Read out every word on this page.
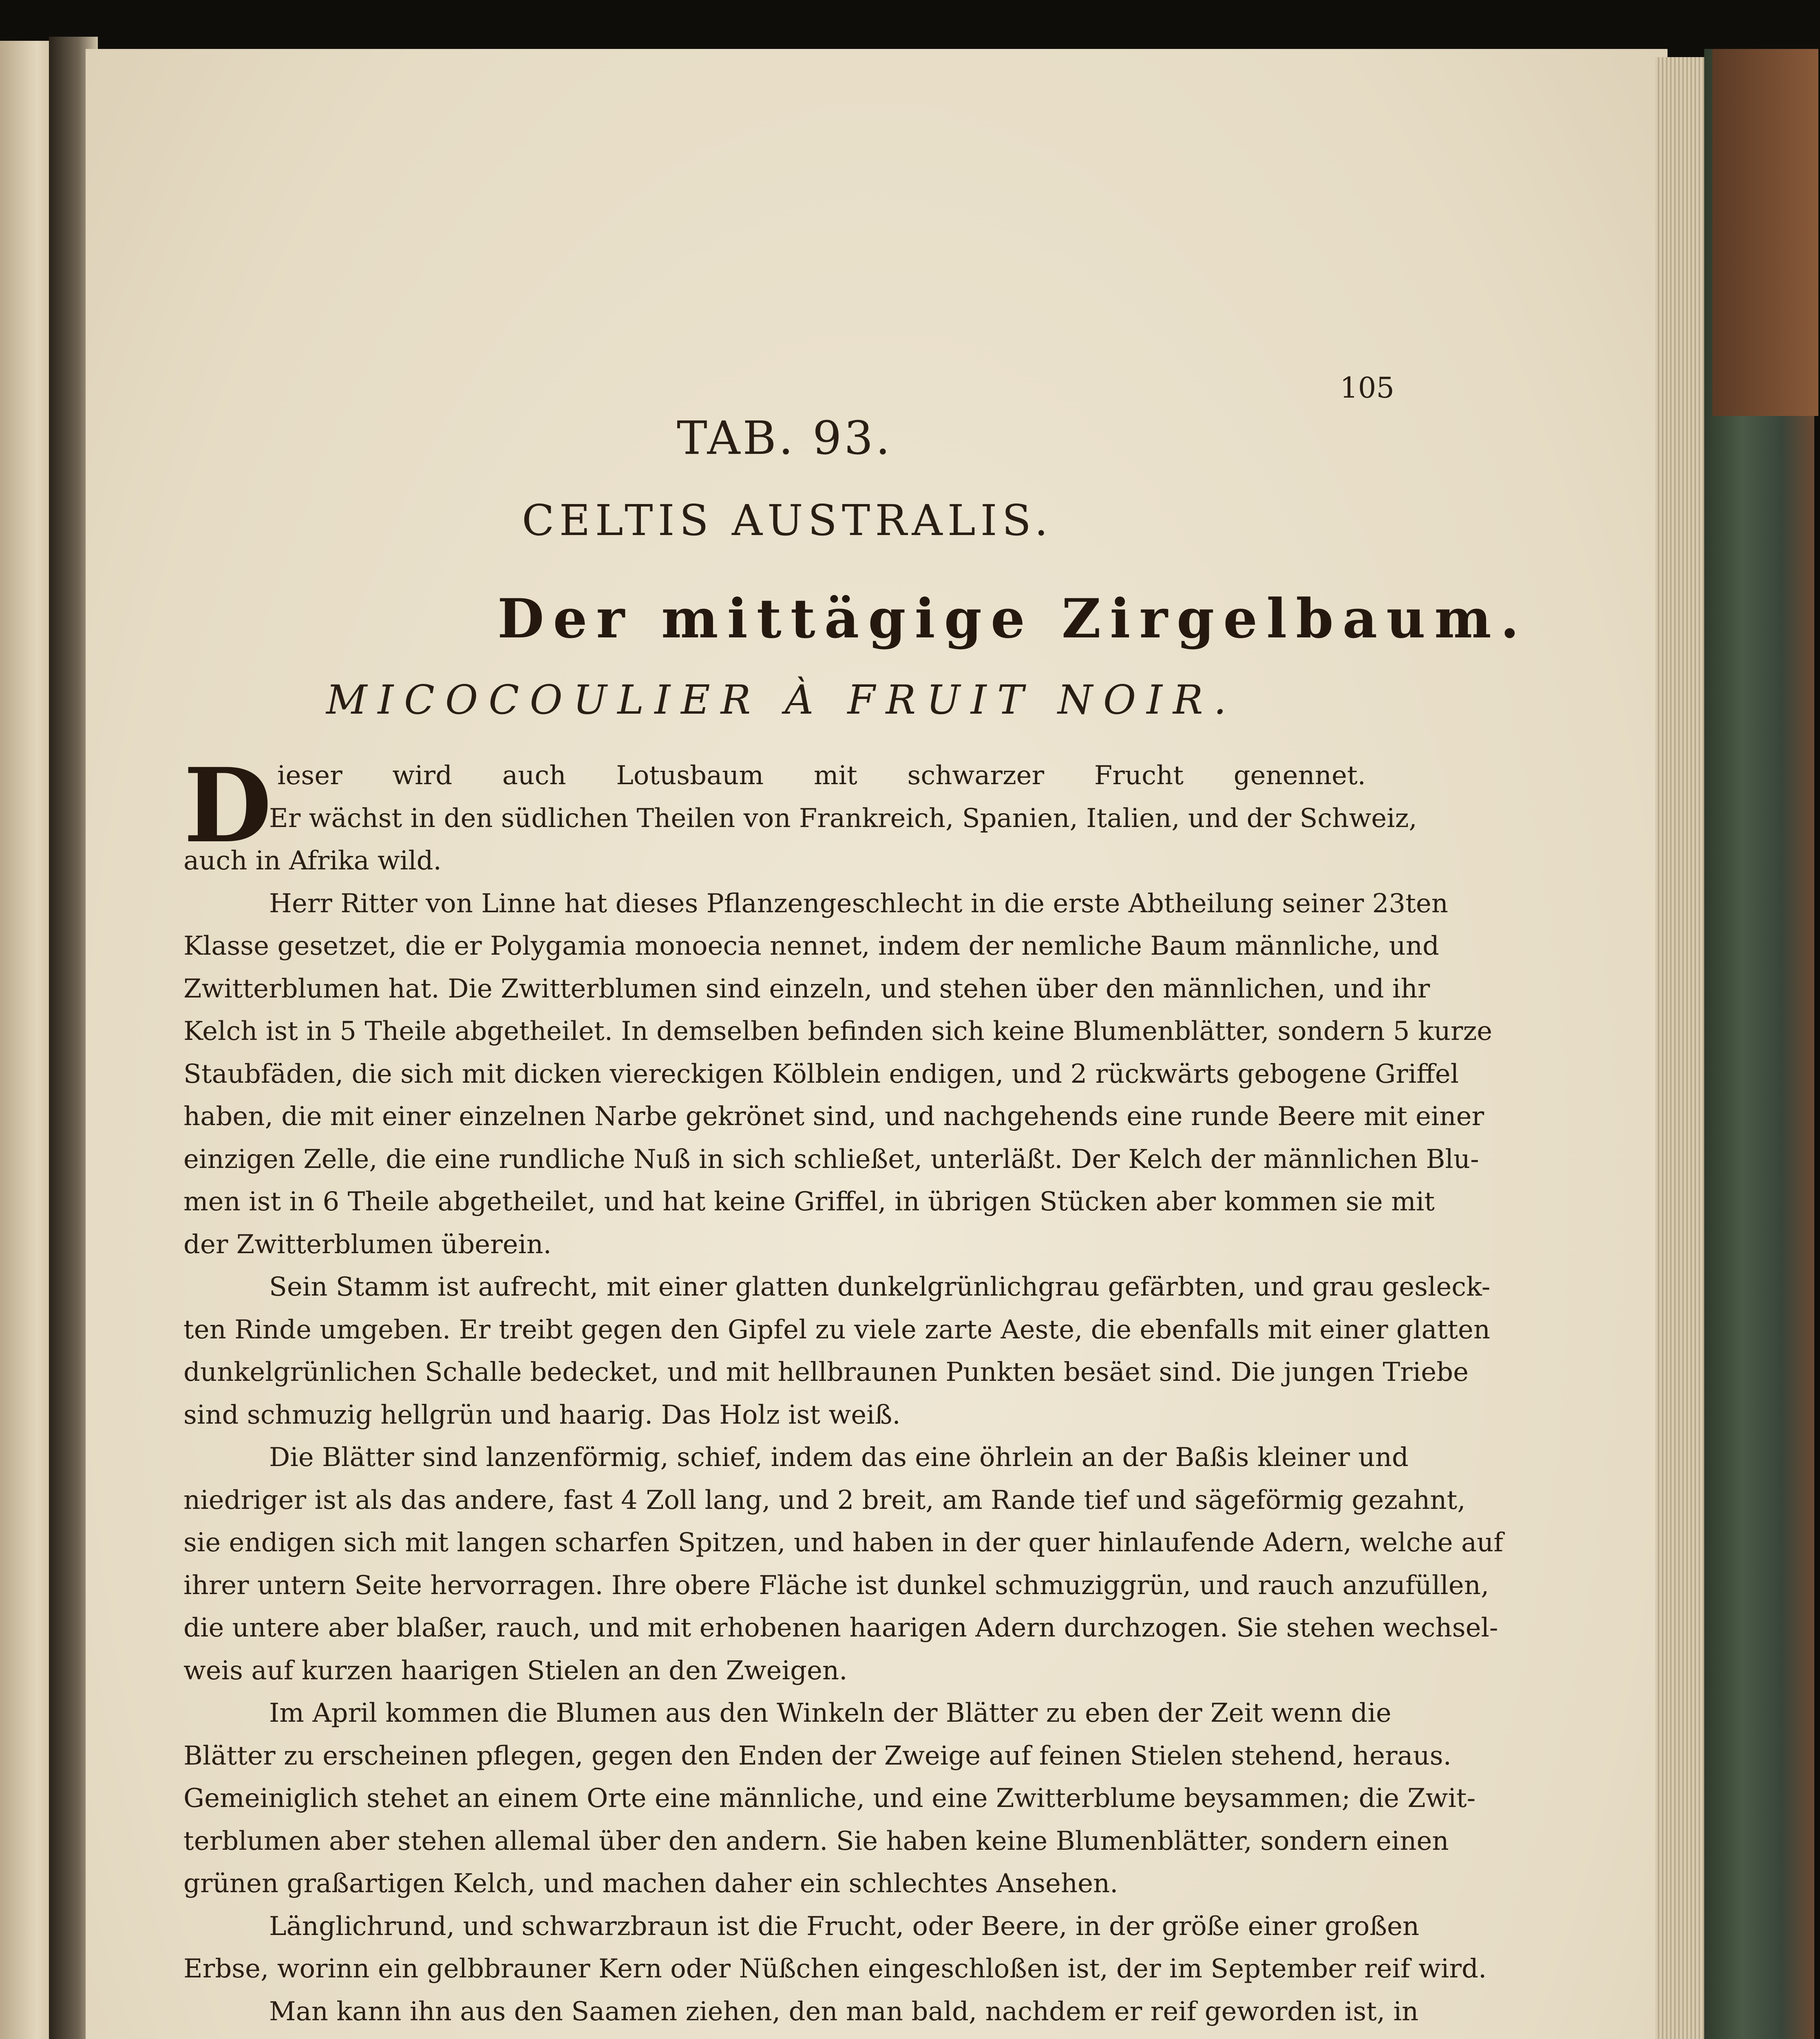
105
TAB. 93.
CELTIS AUSTRALIS.
Der mittägige Zirgelbaum.
MICOCOULIER À FRUIT NOIR.
D ieser wird auch Lotusbaum mit schwarzer Frucht genennet.
Er wächst in den südlichen Theilen von Frankreich, Spanien, Italien, und der Schweiz,
auch in Afrika wild.
Herr Ritter von Linne hat dieses Pflanzengeschlecht in die erste Abtheilung seiner 23ten
Klasse gesetzet, die er Polygamia monoecia nennet, indem der nemliche Baum männliche, und
Zwitterblumen hat. Die Zwitterblumen sind einzeln, und stehen über den männlichen, und ihr
Kelch ist in 5 Theile abgetheilet. In demselben befinden sich keine Blumenblätter, sondern 5 kurze
Staubfäden, die sich mit dicken viereckigen Kölblein endigen, und 2 rückwärts gebogene Griffel
haben, die mit einer einzelnen Narbe gekrönet sind, und nachgehends eine runde Beere mit einer
einzigen Zelle, die eine rundliche Nuß in sich schließet, unterläßt. Der Kelch der männlichen Blu-
men ist in 6 Theile abgetheilet, und hat keine Griffel, in übrigen Stücken aber kommen sie mit
der Zwitterblumen überein.
Sein Stamm ist aufrecht, mit einer glatten dunkelgrünlichgrau gefärbten, und grau gesleck-
ten Rinde umgeben. Er treibt gegen den Gipfel zu viele zarte Aeste, die ebenfalls mit einer glatten
dunkelgrünlichen Schalle bedecket, und mit hellbraunen Punkten besäet sind. Die jungen Triebe
sind schmuzig hellgrün und haarig. Das Holz ist weiß.
Die Blätter sind lanzenförmig, schief, indem das eine öhrlein an der Baßis kleiner und
niedriger ist als das andere, fast 4 Zoll lang, und 2 breit, am Rande tief und sägeförmig gezahnt,
sie endigen sich mit langen scharfen Spitzen, und haben in der quer hinlaufende Adern, welche auf
ihrer untern Seite hervorragen. Ihre obere Fläche ist dunkel schmuziggrün, und rauch anzufüllen,
die untere aber blaßer, rauch, und mit erhobenen haarigen Adern durchzogen. Sie stehen wechsel-
weis auf kurzen haarigen Stielen an den Zweigen.
Im April kommen die Blumen aus den Winkeln der Blätter zu eben der Zeit wenn die
Blätter zu erscheinen pflegen, gegen den Enden der Zweige auf feinen Stielen stehend, heraus.
Gemeiniglich stehet an einem Orte eine männliche, und eine Zwitterblume beysammen; die Zwit-
terblumen aber stehen allemal über den andern. Sie haben keine Blumenblätter, sondern einen
grünen graßartigen Kelch, und machen daher ein schlechtes Ansehen.
Länglichrund, und schwarzbraun ist die Frucht, oder Beere, in der größe einer großen
Erbse, worinn ein gelbbrauner Kern oder Nüßchen eingeschloßen ist, der im September reif wird.
Man kann ihn aus den Saamen ziehen, den man bald, nachdem er reif geworden ist, in
